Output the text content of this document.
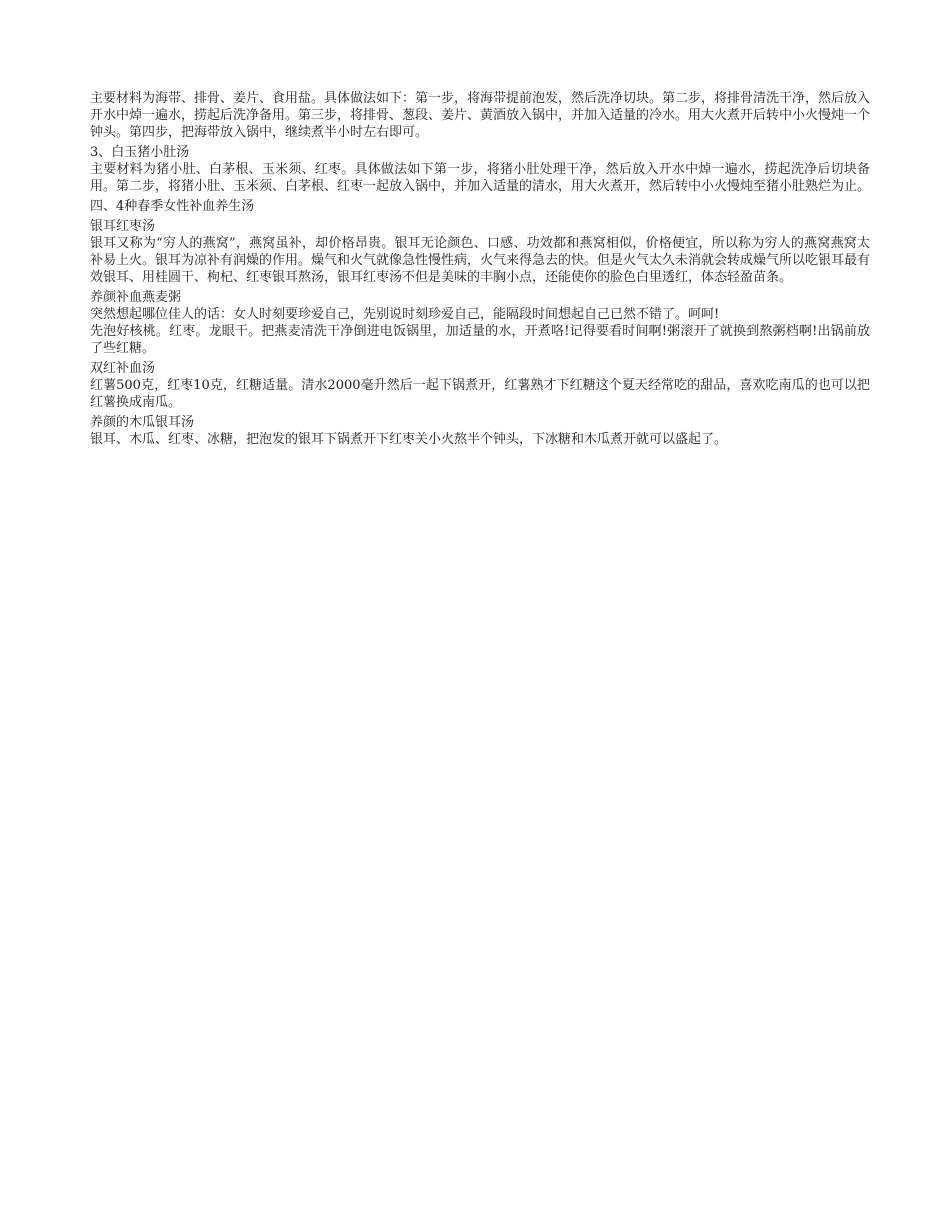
主要材料为海带、排骨、姜片、食用盐。具体做法如下：第一步，将海带提前泡发，然后洗净切块。第二步，将排骨清洗干净，然后放入开水中焯一遍水，捞起后洗净备用。第三步，将排骨、葱段、姜片、黄酒放入锅中，并加入适量的冷水。用大火煮开后转中小火慢炖一个钟头。第四步，把海带放入锅中，继续煮半小时左右即可。

3、白玉猪小肚汤

主要材料为猪小肚、白茅根、玉米须、红枣。具体做法如下第一步，将猪小肚处理干净，然后放入开水中焯一遍水，捞起洗净后切块备用。第二步，将猪小肚、玉米须、白茅根、红枣一起放入锅中，并加入适量的清水，用大火煮开，然后转中小火慢炖至猪小肚熟烂为止。

四、4种春季女性补血养生汤

银耳红枣汤

银耳又称为“穷人的燕窝”，燕窝虽补，却价格昂贵。银耳无论颜色、口感、功效都和燕窝相似，价格便宜，所以称为穷人的燕窝燕窝太补易上火。银耳为凉补有润燥的作用。燥气和火气就像急性慢性病，火气来得急去的快。但是火气太久未消就会转成燥气所以吃银耳最有效银耳、用桂圆干、枸杞、红枣银耳熬汤，银耳红枣汤不但是美味的丰胸小点，还能使你的脸色白里透红，体态轻盈苗条。

养颜补血燕麦粥

突然想起哪位佳人的话：女人时刻要珍爱自己，先别说时刻珍爱自己，能隔段时间想起自己已然不错了。呵呵!

先泡好核桃。红枣。龙眼干。把燕麦清洗干净倒进电饭锅里，加适量的水，开煮咯!记得要看时间啊!粥滚开了就换到熬粥档啊!出锅前放了些红糖。

双红补血汤

红薯500克，红枣10克，红糖适量。清水2000毫升然后一起下锅煮开，红薯熟才下红糖这个夏天经常吃的甜品，喜欢吃南瓜的也可以把红薯换成南瓜。

养颜的木瓜银耳汤

银耳、木瓜、红枣、冰糖，把泡发的银耳下锅煮开下红枣关小火熬半个钟头，下冰糖和木瓜煮开就可以盛起了。
